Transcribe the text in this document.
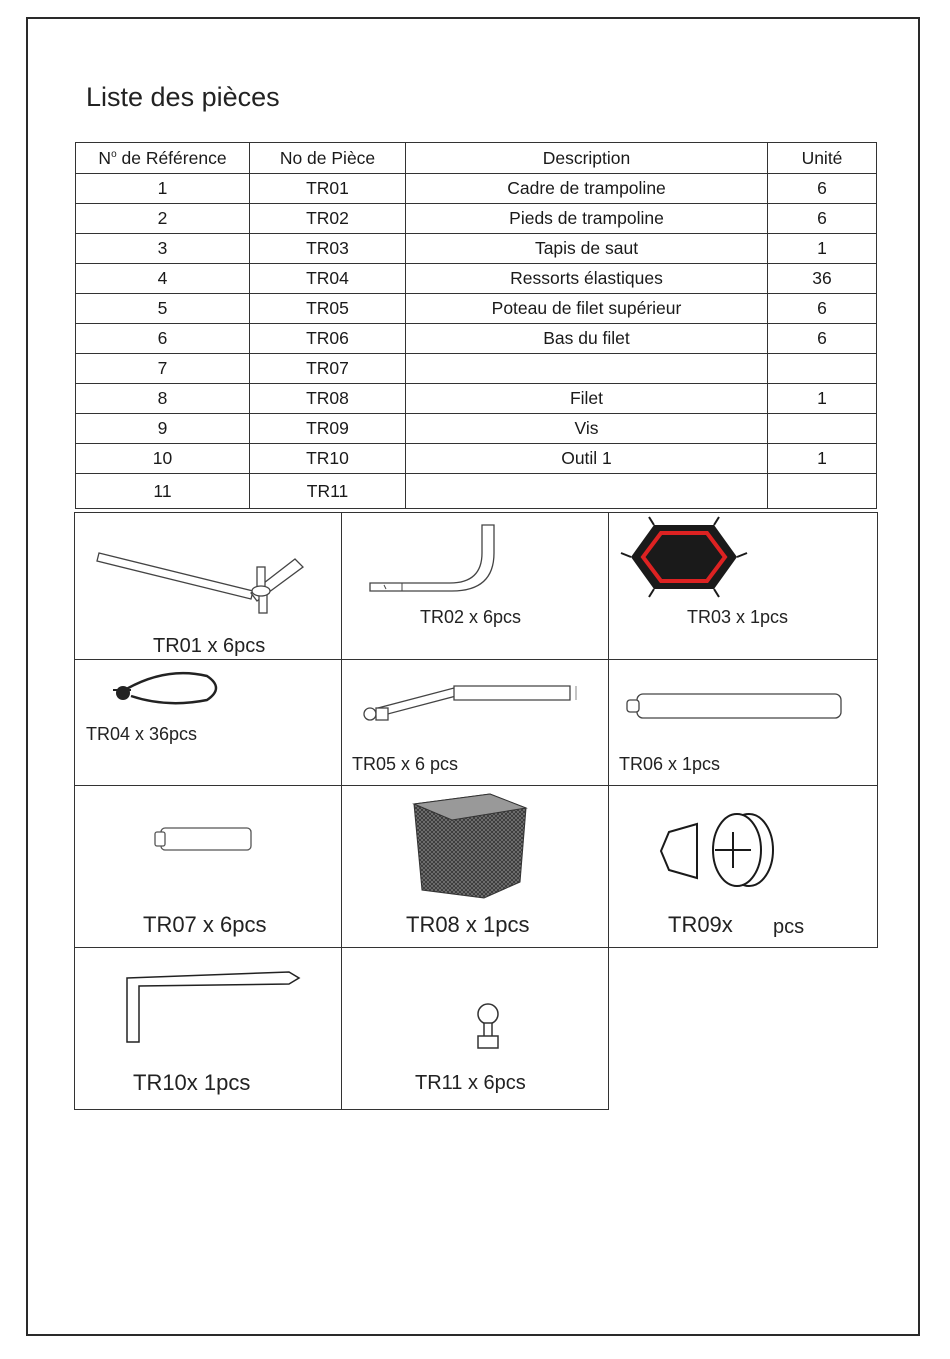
Liste des pièces
$N^o$ de Référence	No de Pièce	Description	Unité
1	TR01	Cadre de trampoline	6
2	TR02	Pieds de trampoline	6
3	TR03	Tapis de saut	1
4	TR04	Ressorts élastiques	36
5	TR05	Poteau de filet supérieur	6
6	TR06	Bas du filet	6
7	TR07		
8	TR08	Filet	1
9	TR09	Vis	
10	TR10	Outil 1	1
11	TR11		
TR01 x 6pcs
TR02 x 6pcs	TR03 x 1pcs
TR04 x 36pcs
TR05 x 6 pcs	TR06 x 1pcs
TR07 x 6pcs	TR08 x 1pcs	TR09x pcs
TR10x 1pcs	TR11 x 6pcs
